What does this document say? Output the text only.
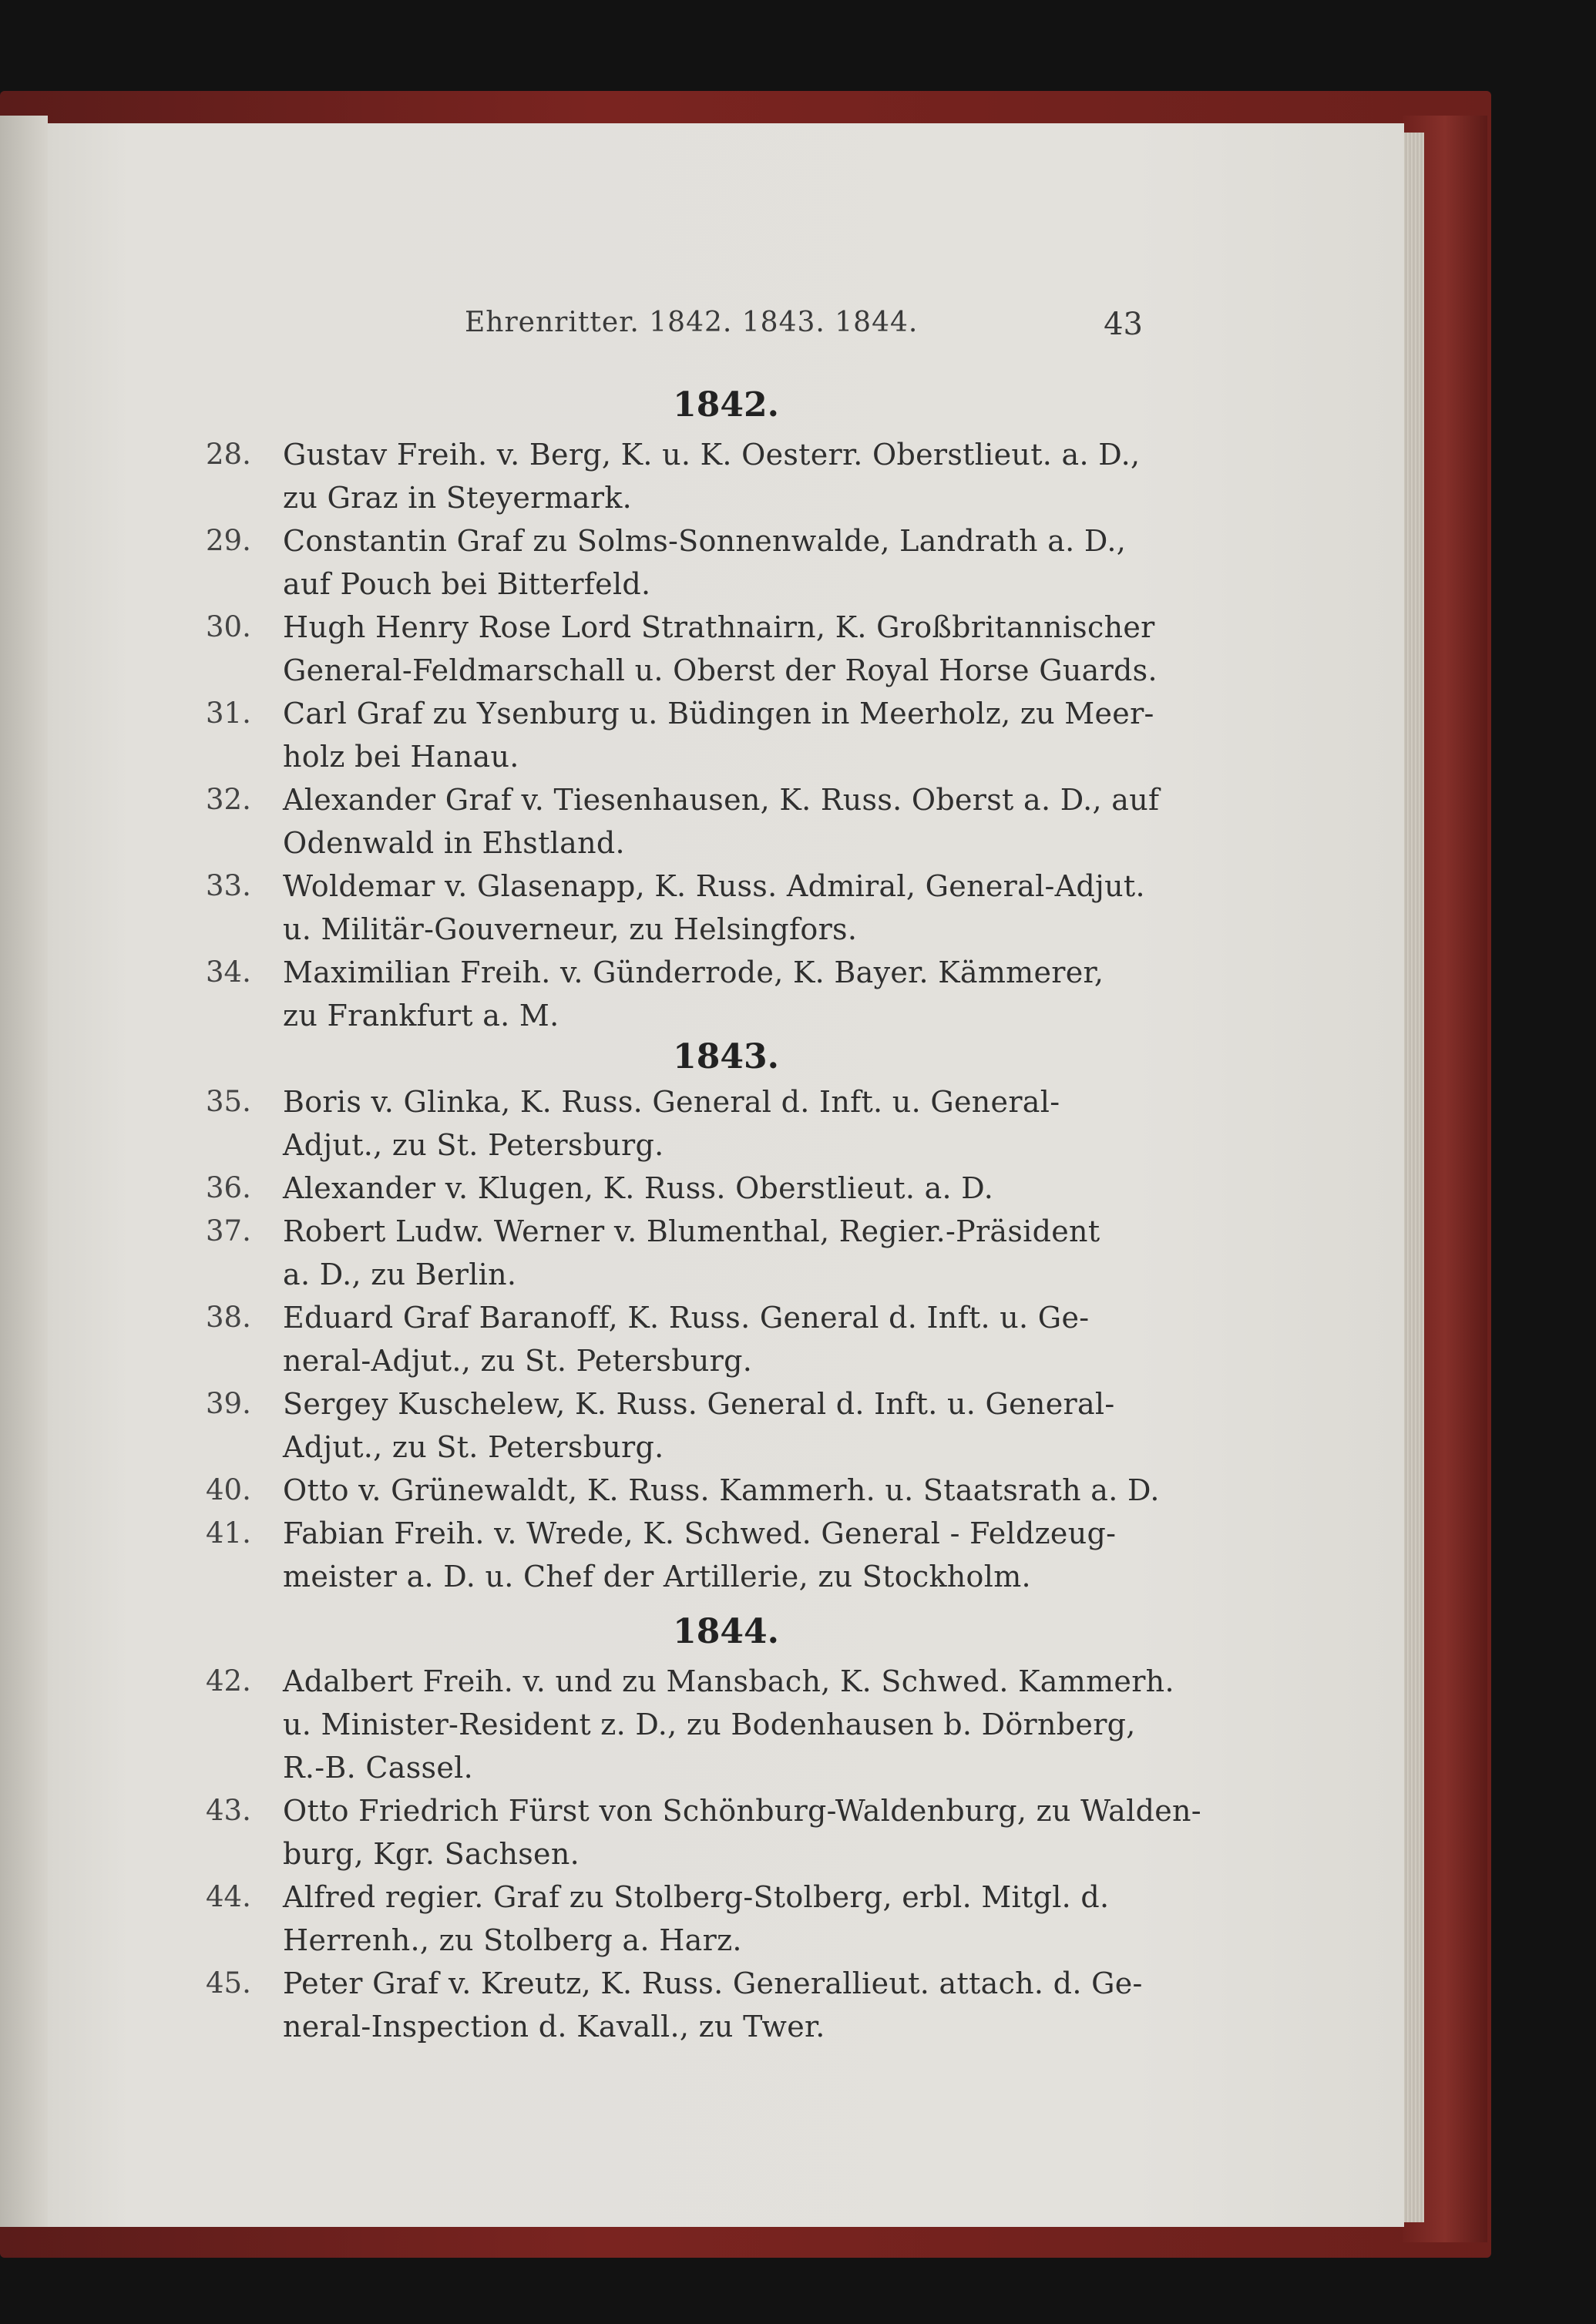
Ehrenritter. 1842. 1843. 1844.	43
1842.
28. Gustav Freih. v. Berg, K. u. K. Oesterr. Oberstlieut. a. D.,
zu Graz in Steyermark.
29. Constantin Graf zu Solms-Sonnenwalde, Landrath a. D.,
auf Pouch bei Bitterfeld.
30. Hugh Henry Rose Lord Strathnairn, K. Großbritannischer
General-Feldmarschall u. Oberst der Royal Horse Guards.
31. Carl Graf zu Ysenburg u. Büdingen in Meerholz, zu Meer-
holz bei Hanau.
32. Alexander Graf v. Tiesenhausen, K. Russ. Oberst a. D., auf
Odenwald in Ehstland.
33. Woldemar v. Glasenapp, K. Russ. Admiral, General-Adjut.
u. Militär-Gouverneur, zu Helsingfors.
34. Maximilian Freih. v. Günderrode, K. Bayer. Kämmerer,
zu Frankfurt a. M.
1843.
35. Boris v. Glinka, K. Russ. General d. Inft. u. General-
Adjut., zu St. Petersburg.
36. Alexander v. Klugen, K. Russ. Oberstlieut. a. D.
37. Robert Ludw. Werner v. Blumenthal, Regier.-Präsident
a. D., zu Berlin.
38. Eduard Graf Baranoff, K. Russ. General d. Inft. u. Ge-
neral-Adjut., zu St. Petersburg.
39. Sergey Kuschelew, K. Russ. General d. Inft. u. General-
Adjut., zu St. Petersburg.
40. Otto v. Grünewaldt, K. Russ. Kammerh. u. Staatsrath a. D.
41. Fabian Freih. v. Wrede, K. Schwed. General - Feldzeug-
meister a. D. u. Chef der Artillerie, zu Stockholm.
1844.
42. Adalbert Freih. v. und zu Mansbach, K. Schwed. Kammerh.
u. Minister-Resident z. D., zu Bodenhausen b. Dörnberg,
R.-B. Cassel.
43. Otto Friedrich Fürst von Schönburg-Waldenburg, zu Walden-
burg, Kgr. Sachsen.
44. Alfred regier. Graf zu Stolberg-Stolberg, erbl. Mitgl. d.
Herrenh., zu Stolberg a. Harz.
45. Peter Graf v. Kreutz, K. Russ. Generallieut. attach. d. Ge-
neral-Inspection d. Kavall., zu Twer.
